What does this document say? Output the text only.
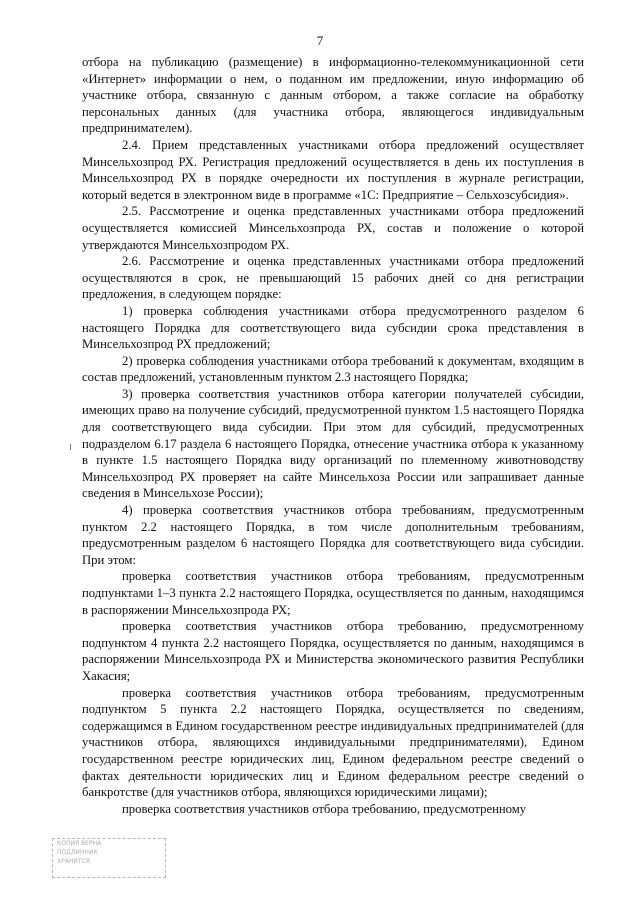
7

отбора на публикацию (размещение) в информационно-телекоммуникационной сети «Интернет» информации о нем, о поданном им предложении, иную информацию об участнике отбора, связанную с данным отбором, а также согласие на обработку персональных данных (для участника отбора, являющегося индивидуальным предпринимателем).

2.4. Прием представленных участниками отбора предложений осуществляет Минсельхозпрод РХ. Регистрация предложений осуществляется в день их поступления в Минсельхозпрод РХ в порядке очередности их поступления в журнале регистрации, который ведется в электронном виде в программе «1С: Предприятие – Сельхозсубсидия».

2.5. Рассмотрение и оценка представленных участниками отбора предложений осуществляется комиссией Минсельхозпрода РХ, состав и положение о которой утверждаются Минсельхозпродом РХ.

2.6. Рассмотрение и оценка представленных участниками отбора предложений осуществляются в срок, не превышающий 15 рабочих дней со дня регистрации предложения, в следующем порядке:

1) проверка соблюдения участниками отбора предусмотренного разделом 6 настоящего Порядка для соответствующего вида субсидии срока представления в Минсельхозпрод РХ предложений;

2) проверка соблюдения участниками отбора требований к документам, входящим в состав предложений, установленным пунктом 2.3 настоящего Порядка;

3) проверка соответствия участников отбора категории получателей субсидии, имеющих право на получение субсидий, предусмотренной пунктом 1.5 настоящего Порядка для соответствующего вида субсидии. При этом для субсидий, предусмотренных подразделом 6.17 раздела 6 настоящего Порядка, отнесение участника отбора к указанному в пункте 1.5 настоящего Порядка виду организаций по племенному животноводству Минсельхозпрод РХ проверяет на сайте Минсельхоза России или запрашивает данные сведения в Минсельхозе России);

4) проверка соответствия участников отбора требованиям, предусмотренным пунктом 2.2 настоящего Порядка, в том числе дополнительным требованиям, предусмотренным разделом 6 настоящего Порядка для соответствующего вида субсидии. При этом:

проверка соответствия участников отбора требованиям, предусмотренным подпунктами 1–3 пункта 2.2 настоящего Порядка, осуществляется по данным, находящимся в распоряжении Минсельхозпрода РХ;

проверка соответствия участников отбора требованию, предусмотренному подпунктом 4 пункта 2.2 настоящего Порядка, осуществляется по данным, находящимся в распоряжении Минсельхозпрода РХ и Министерства экономического развития Республики Хакасия;

проверка соответствия участников отбора требованиям, предусмотренным подпунктом 5 пункта 2.2 настоящего Порядка, осуществляется по сведениям, содержащимся в Едином государственном реестре индивидуальных предпринимателей (для участников отбора, являющихся индивидуальными предпринимателями), Едином государственном реестре юридических лиц, Едином федеральном реестре сведений о фактах деятельности юридических лиц и Едином федеральном реестре сведений о банкротстве (для участников отбора, являющихся юридическими лицами);

проверка соответствия участников отбора требованию, предусмотренному

КОПИЯ ВЕРНА
ПОДЛИННИК
ХРАНИТСЯ
